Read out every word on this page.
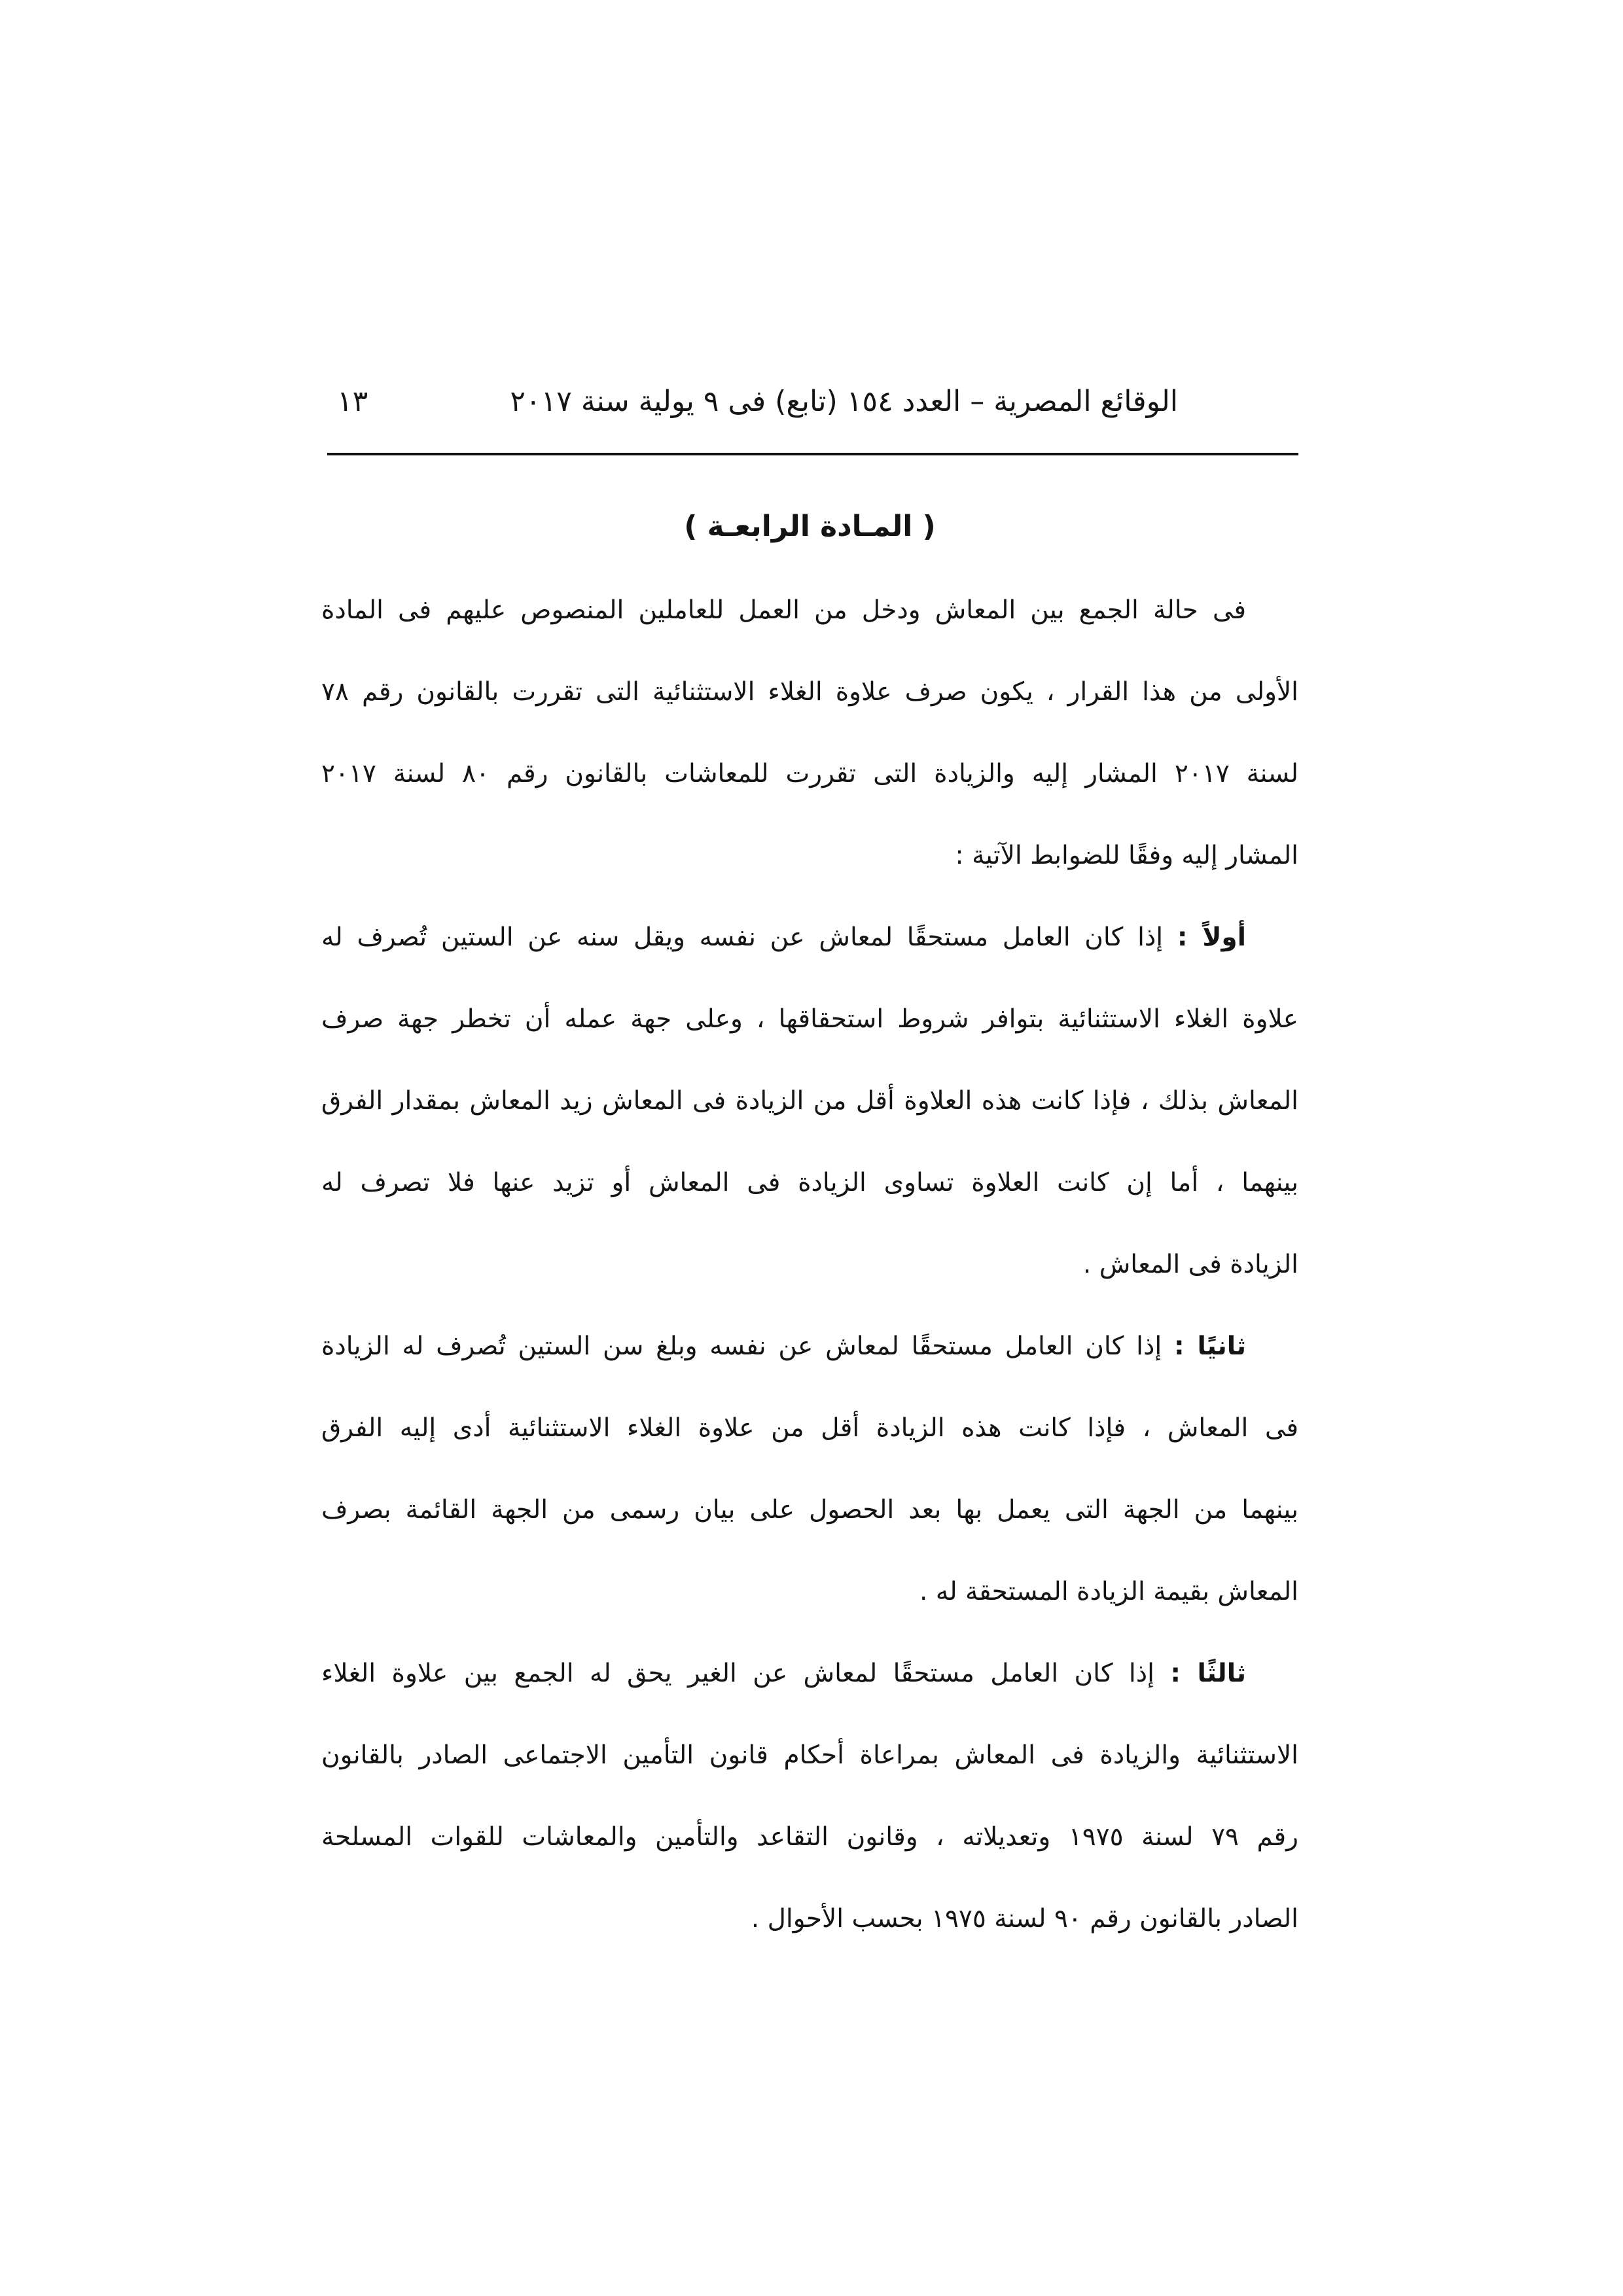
الوقائع المصرية – العدد ١٥٤ (تابع) فى ٩ يولية سنة ٢٠١٧
١٣
( المـادة الرابعـة )
فى حالة الجمع بين المعاش ودخل من العمل للعاملين المنصوص عليهم فى المادة
الأولى من هذا القرار ، يكون صرف علاوة الغلاء الاستثنائية التى تقررت بالقانون رقم ٧٨
لسنة ٢٠١٧ المشار إليه والزيادة التى تقررت للمعاشات بالقانون رقم ٨٠ لسنة ٢٠١٧
المشار إليه وفقًا للضوابط الآتية :
أولاً : إذا كان العامل مستحقًا لمعاش عن نفسه ويقل سنه عن الستين تُصرف له
علاوة الغلاء الاستثنائية بتوافر شروط استحقاقها ، وعلى جهة عمله أن تخطر جهة صرف
المعاش بذلك ، فإذا كانت هذه العلاوة أقل من الزيادة فى المعاش زيد المعاش بمقدار الفرق
بينهما ، أما إن كانت العلاوة تساوى الزيادة فى المعاش أو تزيد عنها فلا تصرف له
الزيادة فى المعاش .
ثانيًا : إذا كان العامل مستحقًا لمعاش عن نفسه وبلغ سن الستين تُصرف له الزيادة
فى المعاش ، فإذا كانت هذه الزيادة أقل من علاوة الغلاء الاستثنائية أدى إليه الفرق
بينهما من الجهة التى يعمل بها بعد الحصول على بيان رسمى من الجهة القائمة بصرف
المعاش بقيمة الزيادة المستحقة له .
ثالثًا : إذا كان العامل مستحقًا لمعاش عن الغير يحق له الجمع بين علاوة الغلاء
الاستثنائية والزيادة فى المعاش بمراعاة أحكام قانون التأمين الاجتماعى الصادر بالقانون
رقم ٧٩ لسنة ١٩٧٥ وتعديلاته ، وقانون التقاعد والتأمين والمعاشات للقوات المسلحة
الصادر بالقانون رقم ٩٠ لسنة ١٩٧٥ بحسب الأحوال .
